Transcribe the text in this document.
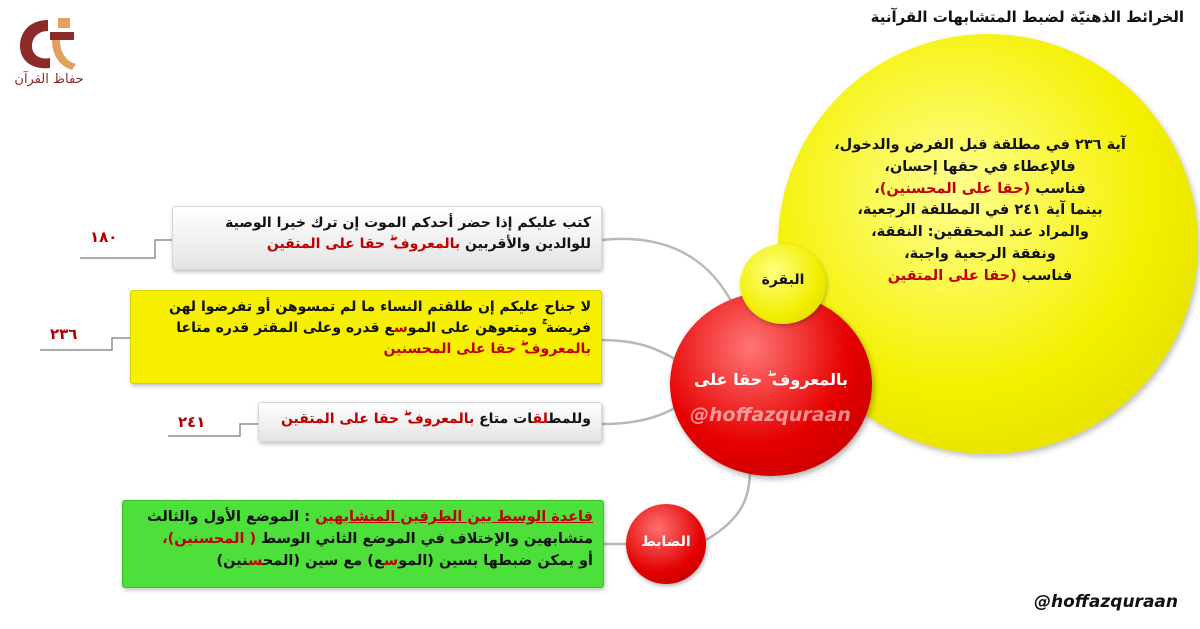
الخرائط الذهنيّة لضبط المتشابهات القرآنية
حفاظ القرآن
آية ٢٣٦ في مطلقة قبل الفرض والدخول،
فالإعطاء في حقها إحسان،
فناسب (حقا على المحسنين)،
بينما آية ٢٤١ في المطلقة الرجعية،
والمراد عند المحققين: النفقة،
ونفقة الرجعية واجبة،
فناسب (حقا على المتقين
بالمعروف ۖ حقا على
@hoffazquraan
البقرة
الضابط
كتب عليكم إذا حضر أحدكم الموت إن ترك خيرا الوصية
للوالدين والأقربين بالمعروف ۖ حقا على المتقين
لا جناح عليكم إن طلقتم النساء ما لم تمسوهن أو تفرضوا لهن
فريضة ۚ ومتعوهن على الموسع قدره وعلى المقتر قدره متاعا
بالمعروف ۖ حقا على المحسنين
وللمطلقات متاع بالمعروف ۖ حقا على المتقين
قاعدة الوسط بين الطرفين المتشابهين : الموضع الأول والثالث
متشابهين والإختلاف في الموضع الثاني الوسط ( المحسنين)،
أو يمكن ضبطها بسين (الموسع) مع سين (المحسنين)
١٨٠
٢٣٦
٢٤١
@hoffazquraan
